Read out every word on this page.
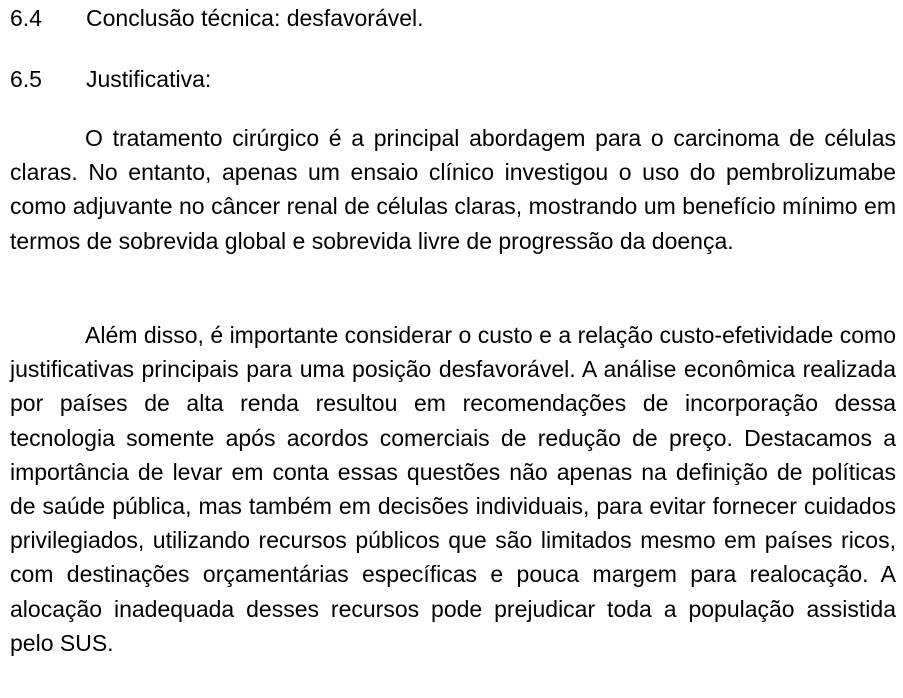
6.4 Conclusão técnica: desfavorável.
6.5 Justificativa:

O tratamento cirúrgico é a principal abordagem para o carcinoma de células claras. No entanto, apenas um ensaio clínico investigou o uso do pembrolizumabe como adjuvante no câncer renal de células claras, mostrando um benefício mínimo em termos de sobrevida global e sobrevida livre de progressão da doença.

Além disso, é importante considerar o custo e a relação custo-efetividade como justificativas principais para uma posição desfavorável. A análise econômica realizada por países de alta renda resultou em recomendações de incorporação dessa tecnologia somente após acordos comerciais de redução de preço. Destacamos a importância de levar em conta essas questões não apenas na definição de políticas de saúde pública, mas também em decisões individuais, para evitar fornecer cuidados privilegiados, utilizando recursos públicos que são limitados mesmo em países ricos, com destinações orçamentárias específicas e pouca margem para realocação. A alocação inadequada desses recursos pode prejudicar toda a população assistida pelo SUS.
